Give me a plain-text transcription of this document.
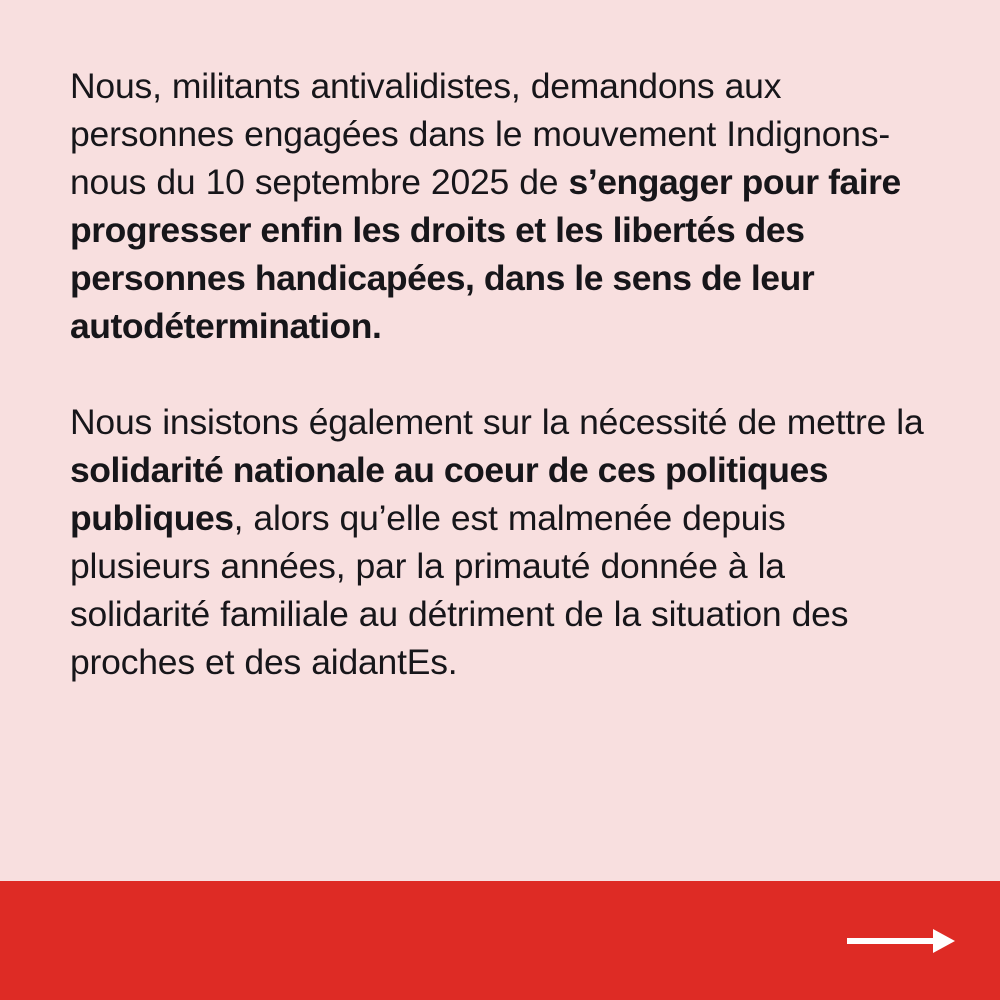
Nous, militants antivalidistes, demandons aux personnes engagées dans le mouvement Indignons-nous du 10 septembre 2025 de s’engager pour faire progresser enfin les droits et les libertés des personnes handicapées, dans le sens de leur autodétermination.

Nous insistons également sur la nécessité de mettre la solidarité nationale au coeur de ces politiques publiques, alors qu’elle est malmenée depuis plusieurs années, par la primauté donnée à la solidarité familiale au détriment de la situation des proches et des aidantEs.
